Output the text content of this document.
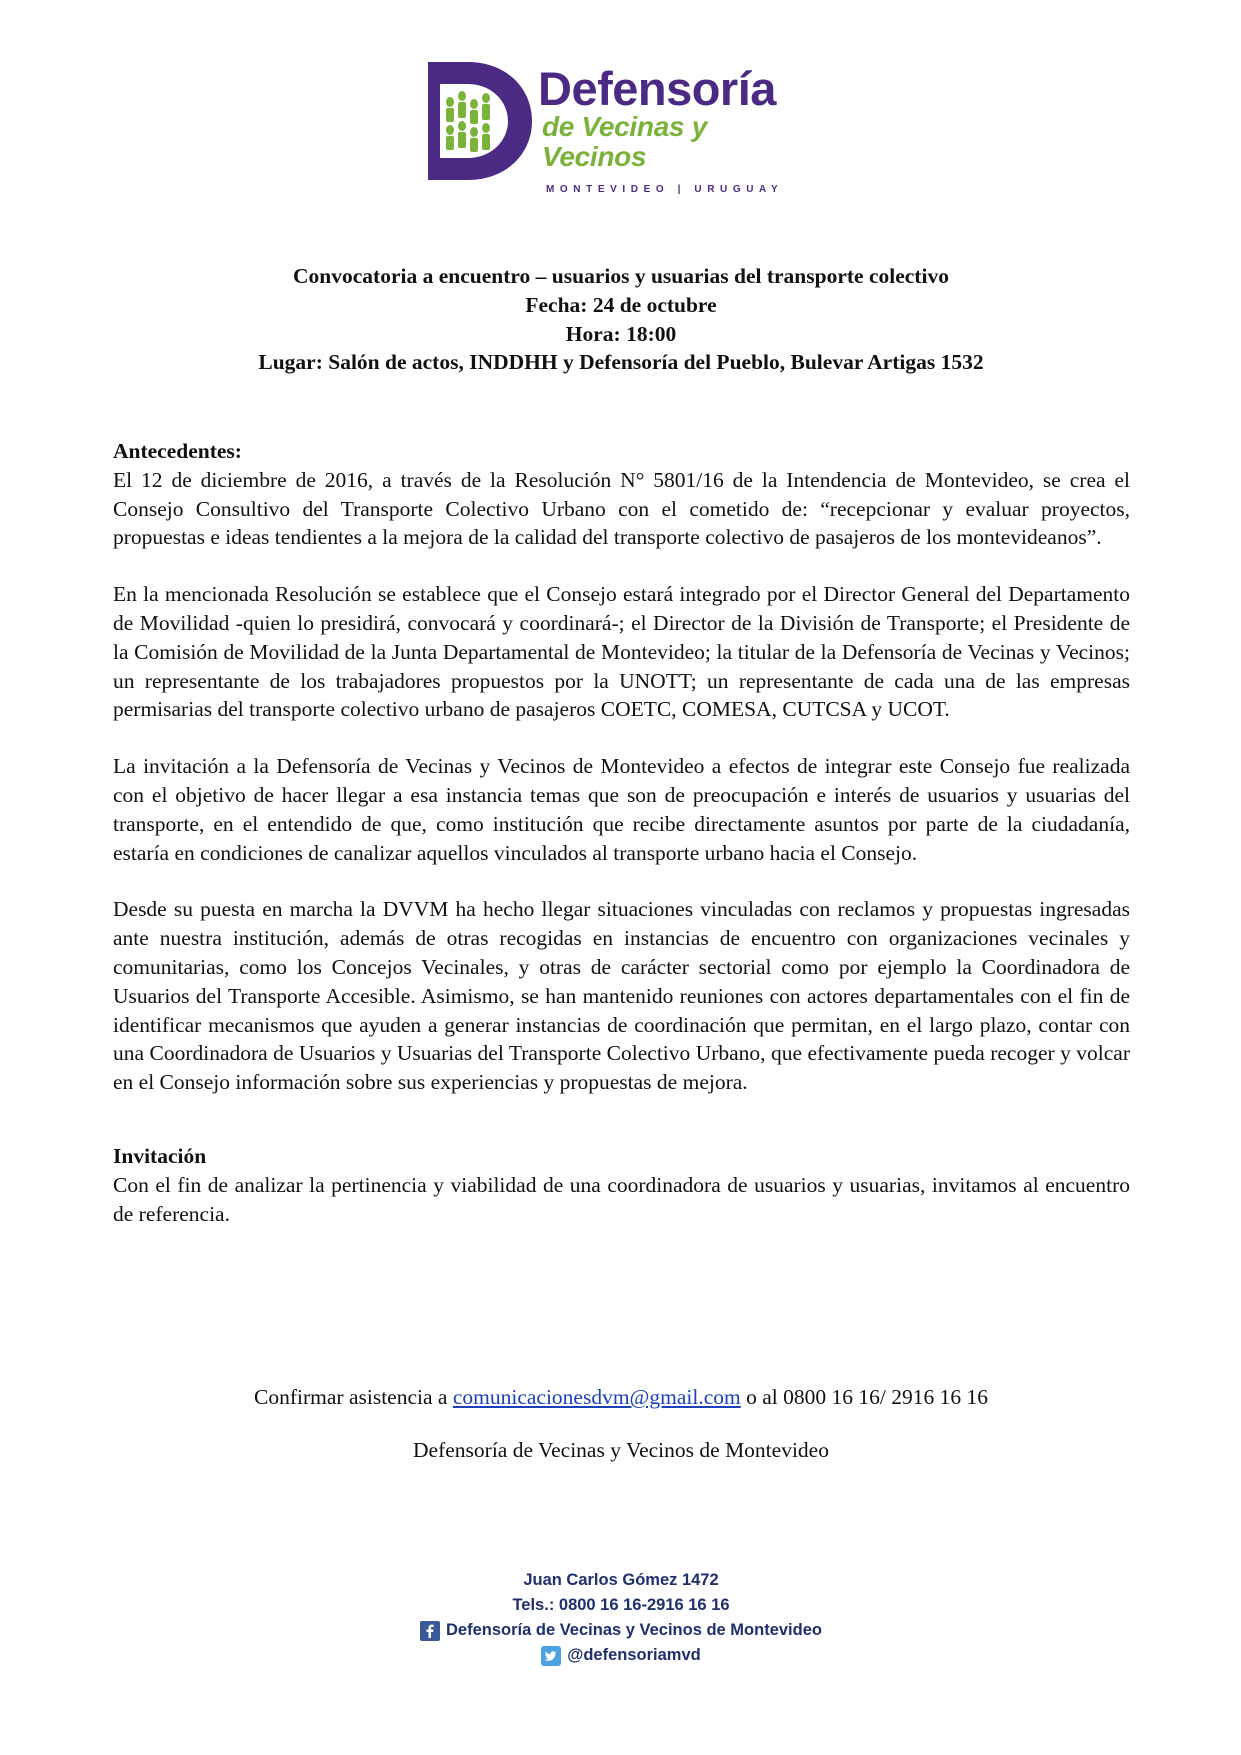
Defensoría

de Vecinas y Vecinos

MONTEVIDEO | URUGUAY

Convocatoria a encuentro – usuarios y usuarias del transporte colectivo
Fecha: 24 de octubre
Hora: 18:00
Lugar: Salón de actos, INDDHH y Defensoría del Pueblo, Bulevar Artigas 1532

Antecedentes:

El 12 de diciembre de 2016, a través de la Resolución N° 5801/16 de la Intendencia de Montevideo, se crea el Consejo Consultivo del Transporte Colectivo Urbano con el cometido de: “recepcionar y evaluar proyectos, propuestas e ideas tendientes a la mejora de la calidad del transporte colectivo de pasajeros de los montevideanos”.

En la mencionada Resolución se establece que el Consejo estará integrado por el Director General del Departamento de Movilidad -quien lo presidirá, convocará y coordinará-; el Director de la División de Transporte; el Presidente de la Comisión de Movilidad de la Junta Departamental de Montevideo; la titular de la Defensoría de Vecinas y Vecinos; un representante de los trabajadores propuestos por la UNOTT; un representante de cada una de las empresas permisarias del transporte colectivo urbano de pasajeros COETC, COMESA, CUTCSA y UCOT.

La invitación a la Defensoría de Vecinas y Vecinos de Montevideo a efectos de integrar este Consejo fue realizada con el objetivo de hacer llegar a esa instancia temas que son de preocupación e interés de usuarios y usuarias del transporte, en el entendido de que, como institución que recibe directamente asuntos por parte de la ciudadanía, estaría en condiciones de canalizar aquellos vinculados al transporte urbano hacia el Consejo.

Desde su puesta en marcha la DVVM ha hecho llegar situaciones vinculadas con reclamos y propuestas ingresadas ante nuestra institución, además de otras recogidas en instancias de encuentro con organizaciones vecinales y comunitarias, como los Concejos Vecinales, y otras de carácter sectorial como por ejemplo la Coordinadora de Usuarios del Transporte Accesible. Asimismo, se han mantenido reuniones con actores departamentales con el fin de identificar mecanismos que ayuden a generar instancias de coordinación que permitan, en el largo plazo, contar con una Coordinadora de Usuarios y Usuarias del Transporte Colectivo Urbano, que efectivamente pueda recoger y volcar en el Consejo información sobre sus experiencias y propuestas de mejora.

Invitación

Con el fin de analizar la pertinencia y viabilidad de una coordinadora de usuarios y usuarias, invitamos al encuentro de referencia.

Confirmar asistencia a comunicacionesdvm@gmail.com o al 0800 16 16/ 2916 16 16
Defensoría de Vecinas y Vecinos de Montevideo
Juan Carlos Gómez 1472
Tels.: 0800 16 16-2916 16 16
Defensoría de Vecinas y Vecinos de Montevideo
@defensoriamvd
